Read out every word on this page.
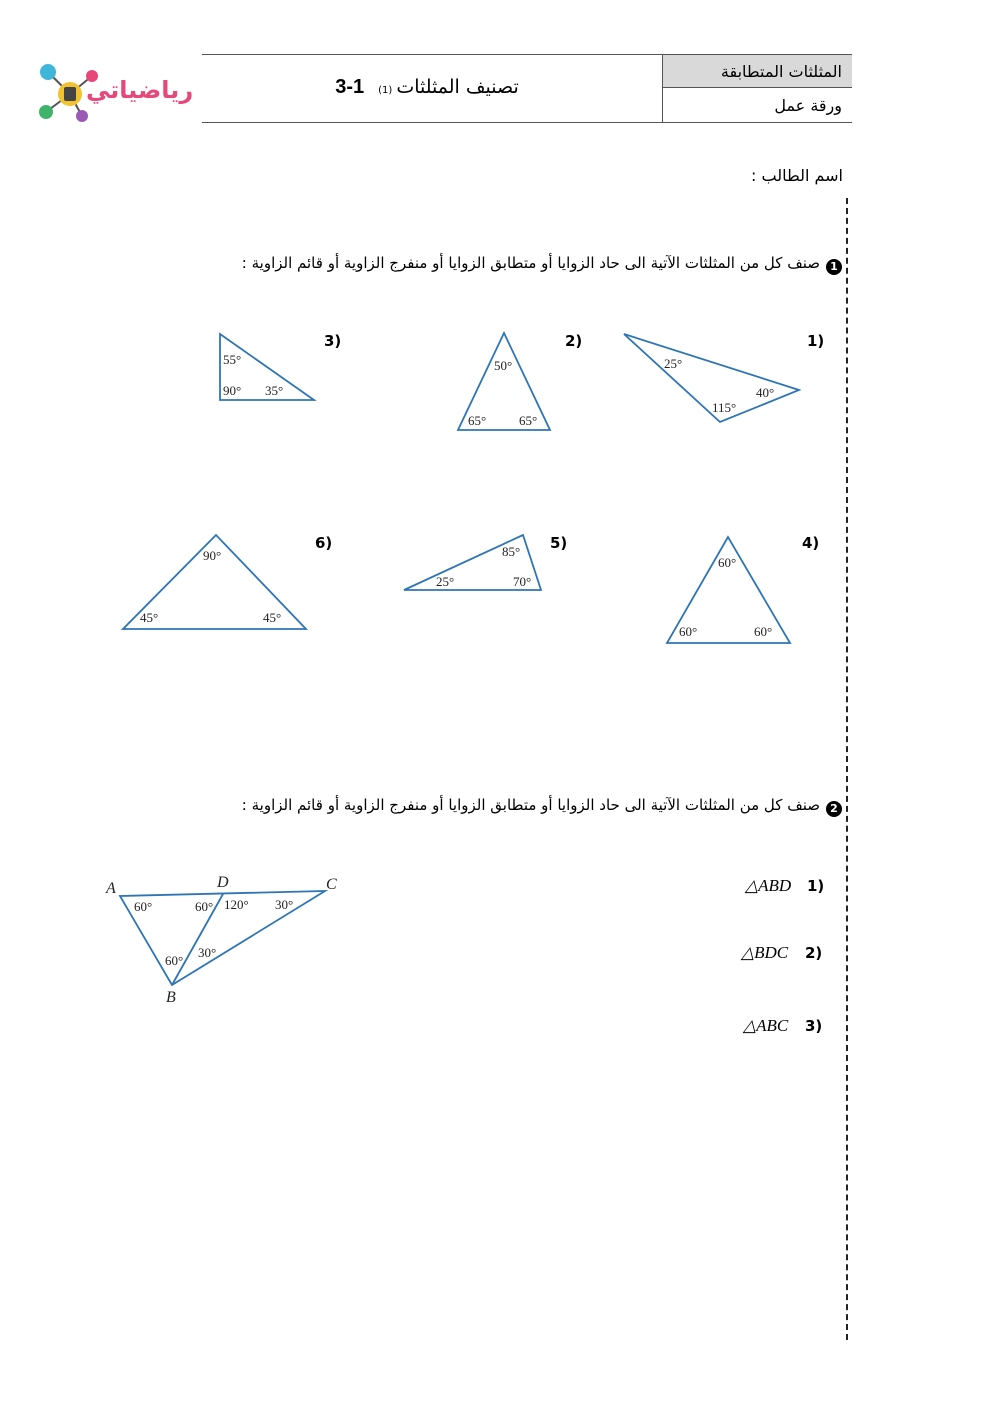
رياضياتي
المثلثات المتطابقة
ورقة عمل
تصنيف المثلثات(1)3-1
اسم الطالب :
1صنف كل من المثلثات الآتية الى حاد الزوايا أو متطابق الزوايا أو منفرج الزاوية أو قائم الزاوية :
1)
2)
3)
4)
5)
6)
25°
40°
115°
50°
65°	65°
55°
90° 35°
60°
60°	60°
85°
25°	70°
90°
45°	45°
A	D	C
B
60°	60° 120° 30°
60°
30°
2صنف كل من المثلثات الآتية الى حاد الزوايا أو متطابق الزوايا أو منفرج الزاوية أو قائم الزاوية :
1)
△ABD
2)
△BDC
3)
△ABC
